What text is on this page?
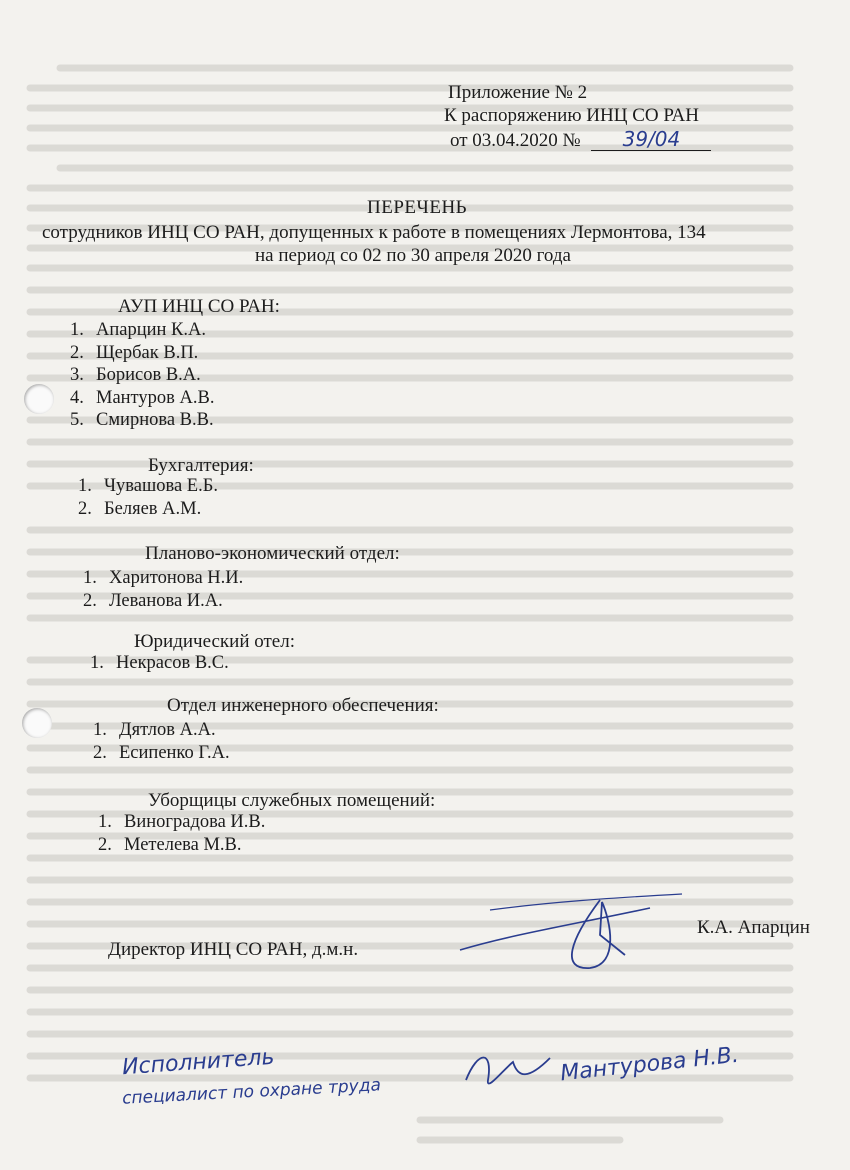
Приложение № 2
К распоряжению ИНЦ СО РАН
от 03.04.2020 № 39/04
ПЕРЕЧЕНЬ
сотрудников ИНЦ СО РАН, допущенных к работе в помещениях Лермонтова, 134
на период со 02 по 30 апреля 2020 года
АУП ИНЦ СО РАН:
1. Апарцин К.А.
2. Щербак В.П.
3. Борисов В.А.
4. Мантуров А.В.
5. Смирнова В.В.
Бухгалтерия:
1. Чувашова Е.Б.
2. Беляев А.М.
Планово-экономический отдел:
1. Харитонова Н.И.
2. Леванова И.А.
Юридический отел:
1. Некрасов В.С.
Отдел инженерного обеспечения:
1. Дятлов А.А.
2. Есипенко Г.А.
Уборщицы служебных помещений:
1. Виноградова И.В.
2. Метелева М.В.
Директор ИНЦ СО РАН, д.м.н.
К.А. Апарцин
Исполнитель
специалист по охране труда
Мантурова Н.В.
